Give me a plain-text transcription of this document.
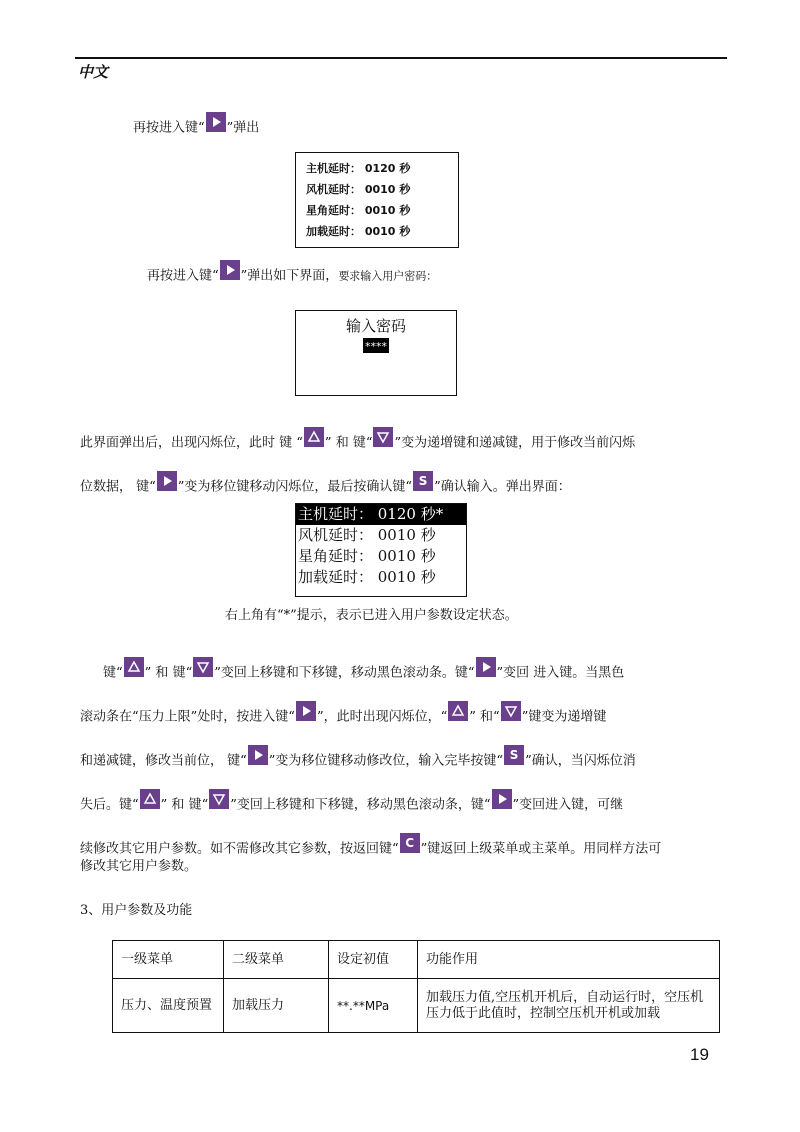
中文
再按进入键“ ”弹出
主机延时： 0120 秒
风机延时： 0010 秒
星角延时： 0010 秒
加载延时： 0010 秒
再按进入键“ ”弹出如下界面，要求输入用户密码：
输入密码
****
此界面弹出后，出现闪烁位，此时 键 “ ” 和 键“ ”变为递增键和递减键，用于修改当前闪烁
位数据， 键“ ”变为移位键移动闪烁位，最后按确认键“ S ”确认输入。弹出界面：
主机延时： 0120 秒*
风机延时： 0010 秒
星角延时： 0010 秒
加载延时： 0010 秒
右上角有“*”提示，表示已进入用户参数设定状态。
键“ ” 和 键“ ”变回上移键和下移键，移动黑色滚动条。键“ ”变回 进入键。当黑色
滚动条在“压力上限”处时，按进入键“ ”，此时出现闪烁位，“ ” 和“ ”键变为递增键
和递减键，修改当前位， 键“ ”变为移位键移动修改位，输入完毕按键“ S ”确认，当闪烁位消
失后。键“ ” 和 键“ ”变回上移键和下移键，移动黑色滚动条，键“ ”变回进入键，可继
续修改其它用户参数。如不需修改其它参数，按返回键“ C ”键返回上级菜单或主菜单。用同样方法可
修改其它用户参数。
3、用户参数及功能
一级菜单	二级菜单	设定初值	功能作用
压力、温度预置	加载压力	**.**MPa	加载压力值,空压机开机后，自动运行时，空压机压力低于此值时，控制空压机开机或加载
19
